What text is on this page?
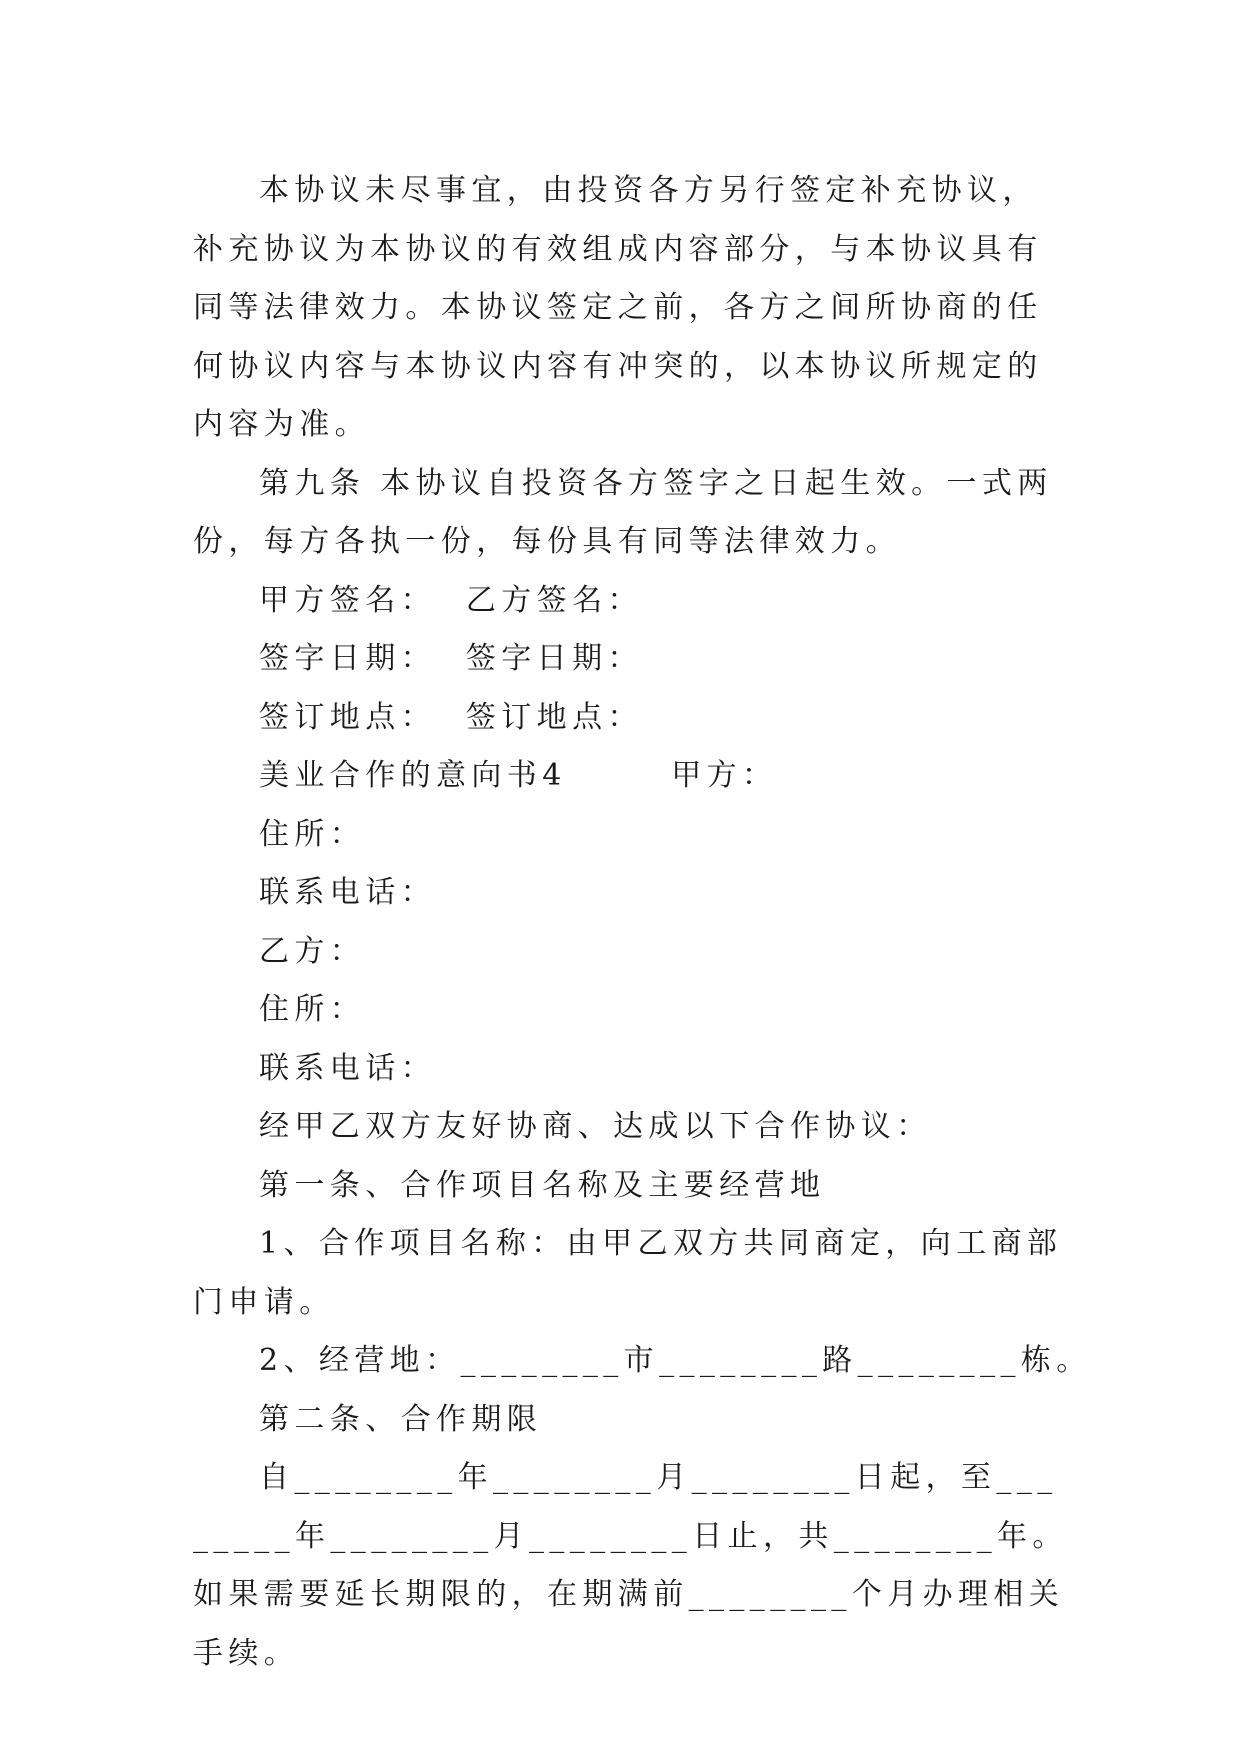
本协议未尽事宜，由投资各方另行签定补充协议，补充协议为本协议的有效组成内容部分，与本协议具有同等法律效力。本协议签定之前，各方之间所协商的任何协议内容与本协议内容有冲突的，以本协议所规定的内容为准。

第九条 本协议自投资各方签字之日起生效。一式两份，每方各执一份，每份具有同等法律效力。

甲方签名：  乙方签名：

签字日期：  签字日期：

签订地点：  签订地点：

美业合作的意向书4       甲方：

住所：

联系电话：

乙方：

住所：

联系电话：

经甲乙双方友好协商、达成以下合作协议：

第一条、合作项目名称及主要经营地

1、合作项目名称：由甲乙双方共同商定，向工商部门申请。

2、经营地：________市________路________栋。

第二条、合作期限

自________年________月________日起，至________年________月________日止，共________年。如果需要延长期限的，在期满前________个月办理相关手续。
